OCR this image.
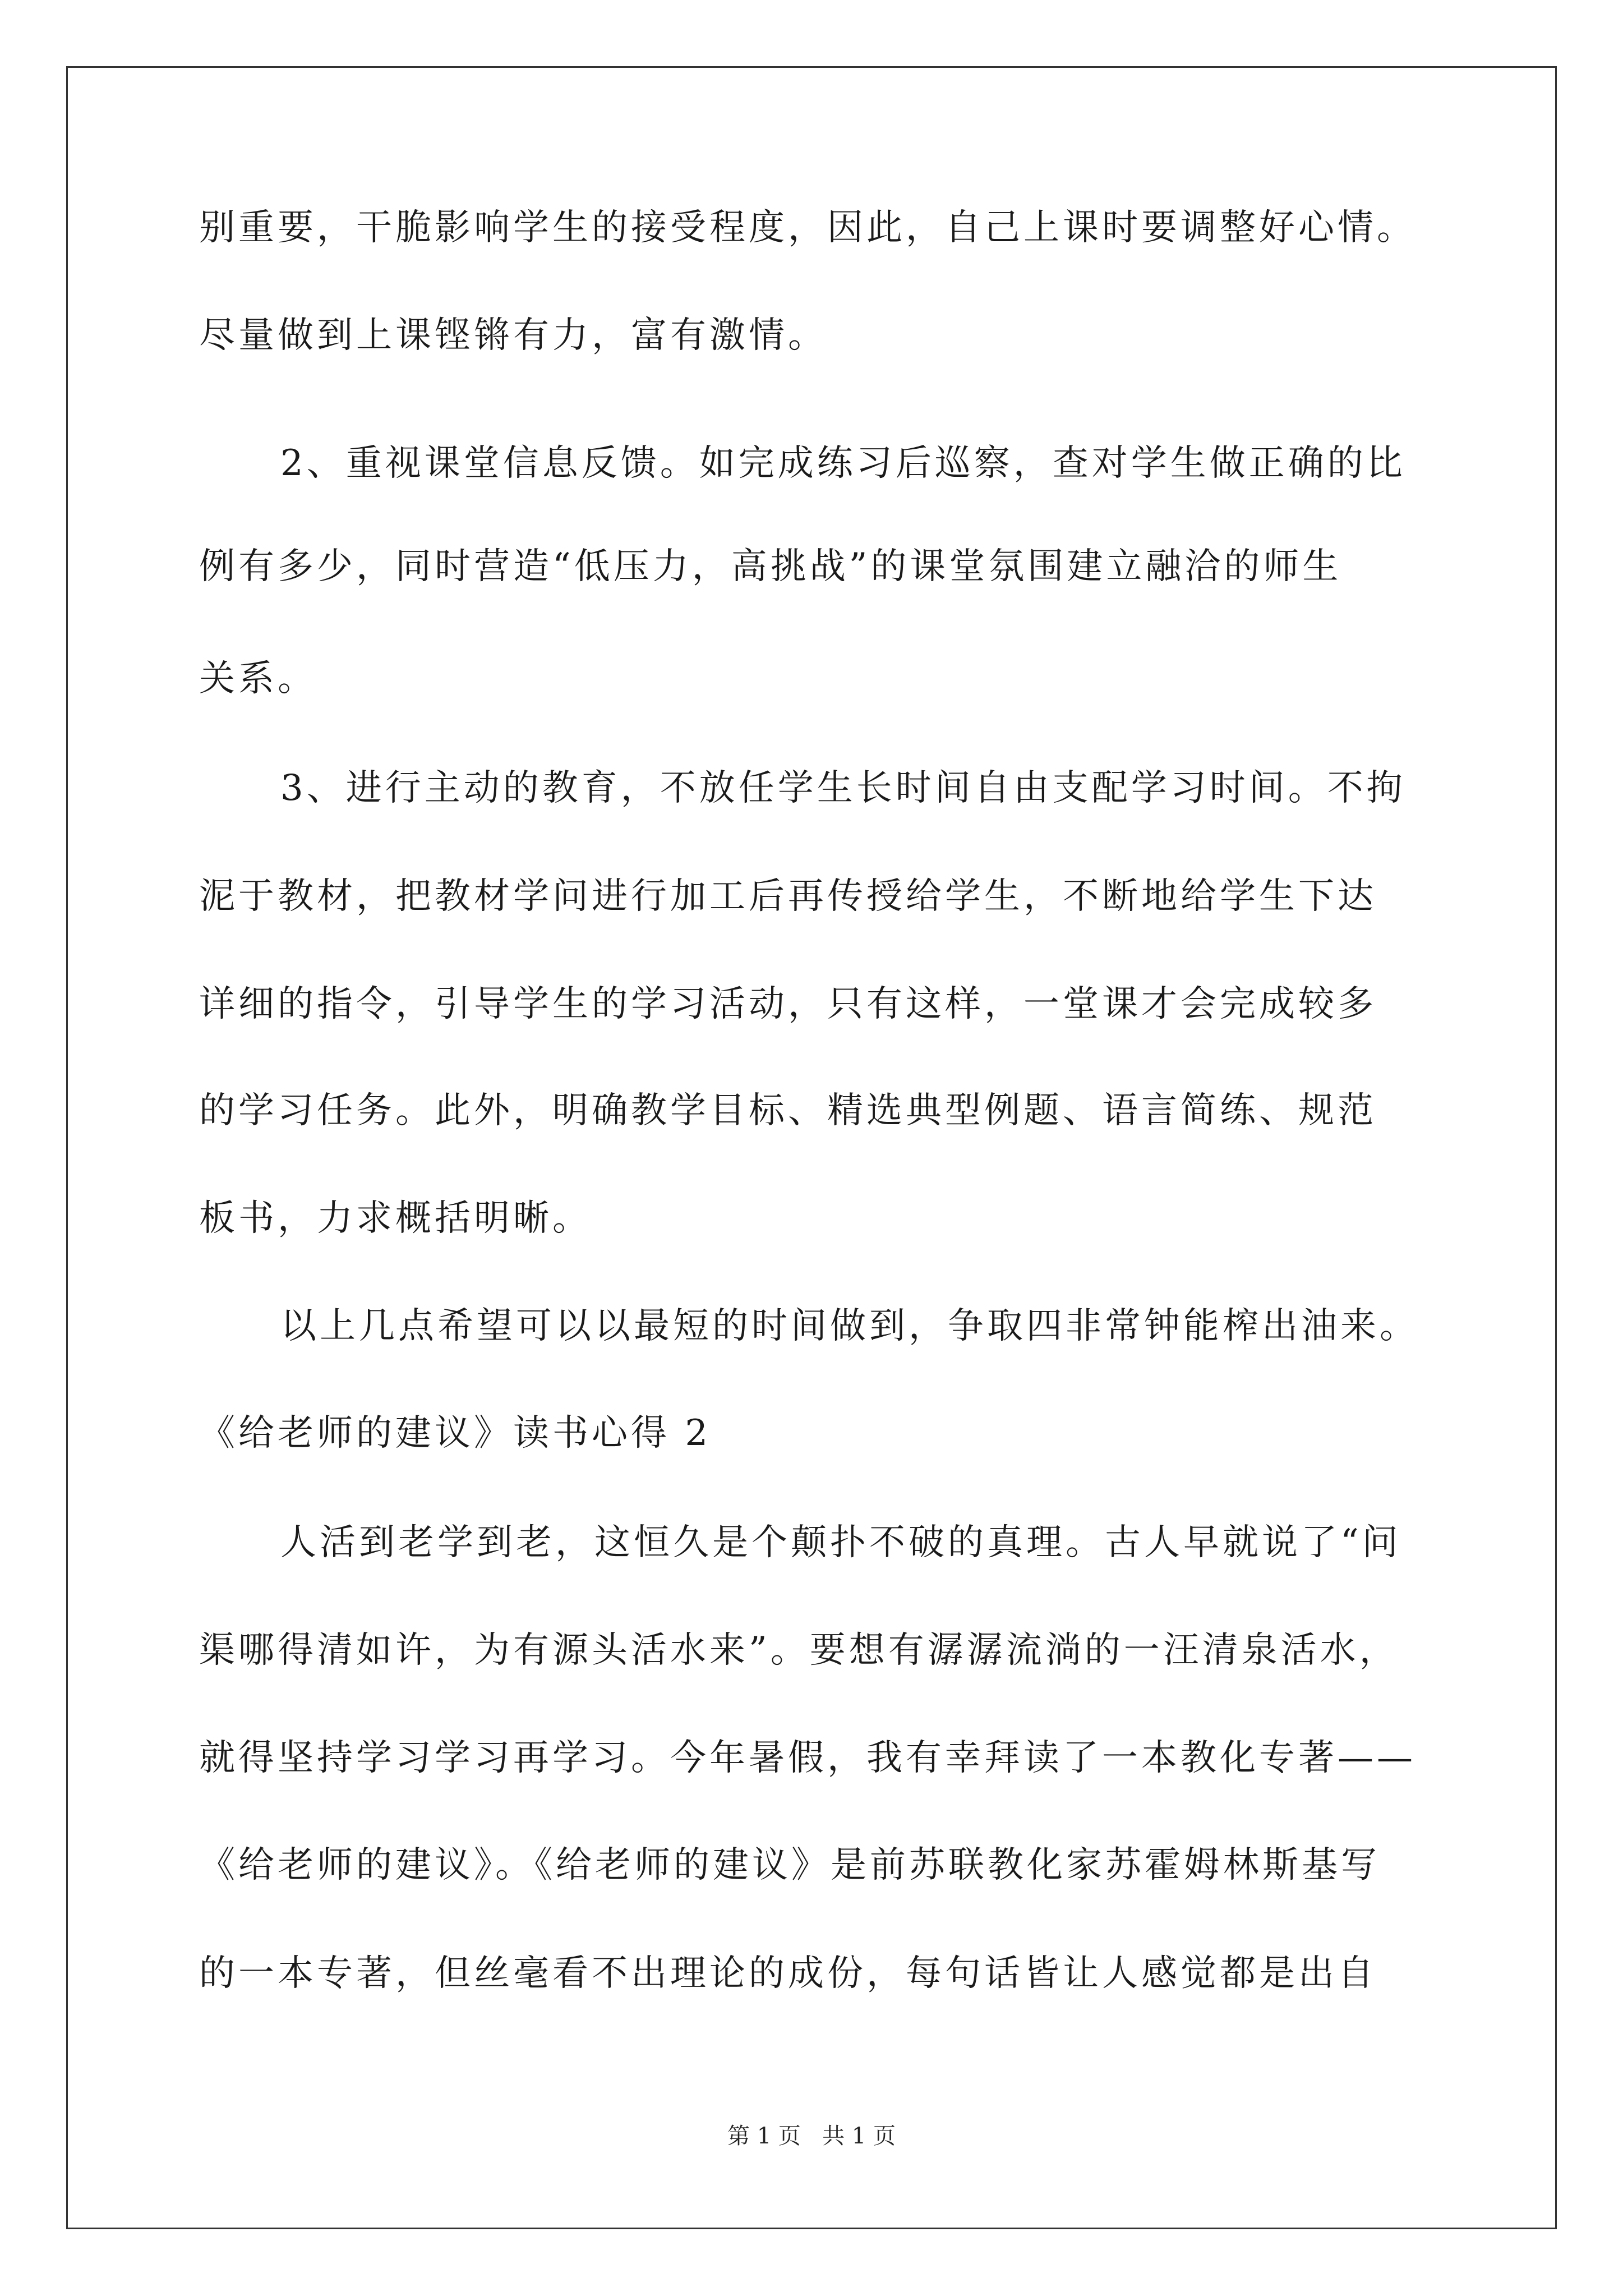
别重要，干脆影响学生的接受程度，因此，自己上课时要调整好心情。
尽量做到上课铿锵有力，富有激情。
2、重视课堂信息反馈。如完成练习后巡察，查对学生做正确的比
例有多少，同时营造“低压力，高挑战”的课堂氛围建立融洽的师生
关系。
3、进行主动的教育，不放任学生长时间自由支配学习时间。不拘
泥于教材，把教材学问进行加工后再传授给学生，不断地给学生下达
详细的指令，引导学生的学习活动，只有这样，一堂课才会完成较多
的学习任务。此外，明确教学目标、精选典型例题、语言简练、规范
板书，力求概括明晰。
以上几点希望可以以最短的时间做到，争取四非常钟能榨出油来。
《给老师的建议》读书心得 2
人活到老学到老，这恒久是个颠扑不破的真理。古人早就说了“问
渠哪得清如许，为有源头活水来”。要想有潺潺流淌的一汪清泉活水，
就得坚持学习学习再学习。今年暑假，我有幸拜读了一本教化专著——
《给老师的建议》。《给老师的建议》是前苏联教化家苏霍姆林斯基写
的一本专著，但丝毫看不出理论的成份，每句话皆让人感觉都是出自
第 1 页   共 1 页
